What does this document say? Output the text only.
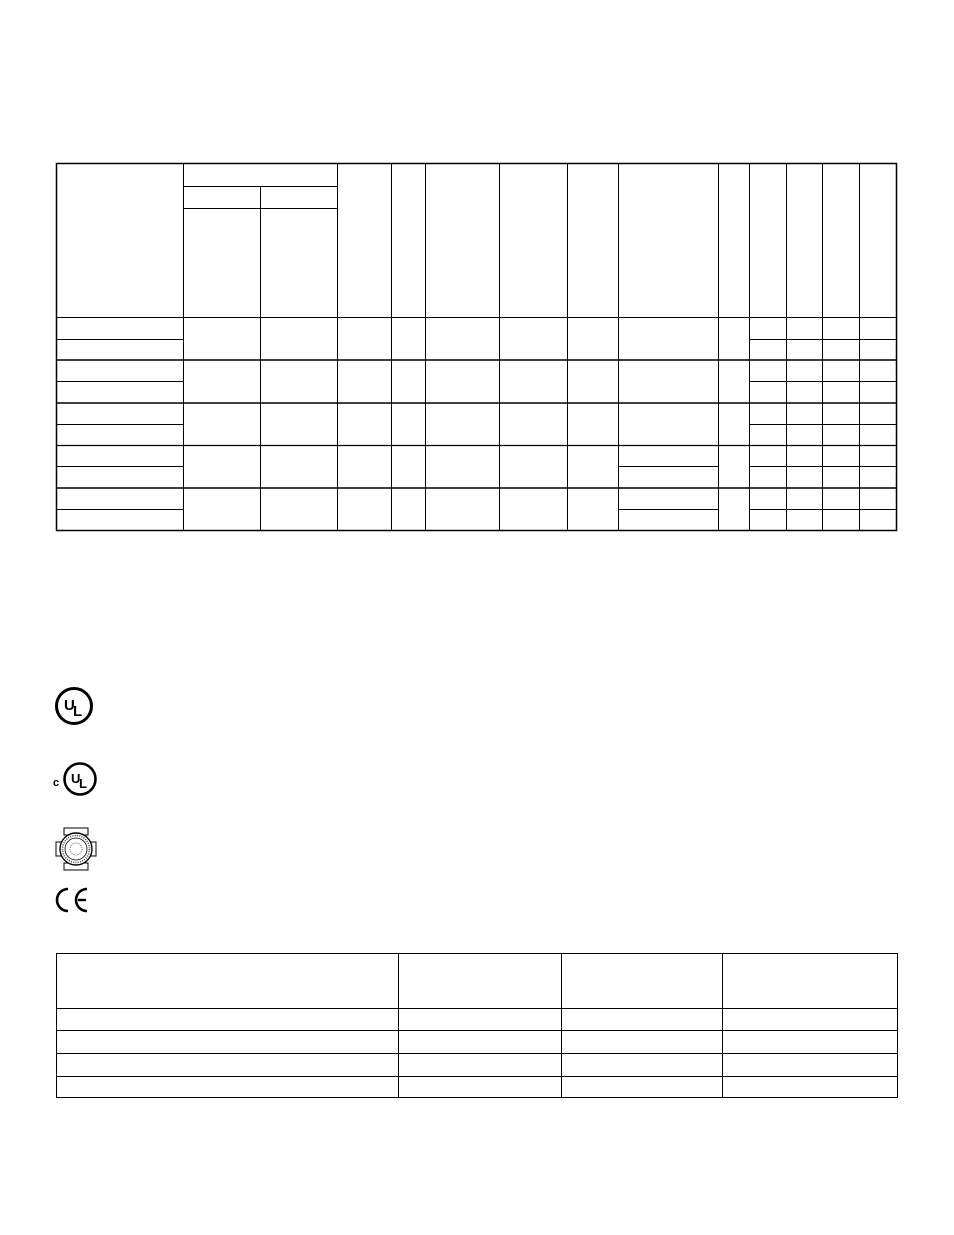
U
L
c U
L
